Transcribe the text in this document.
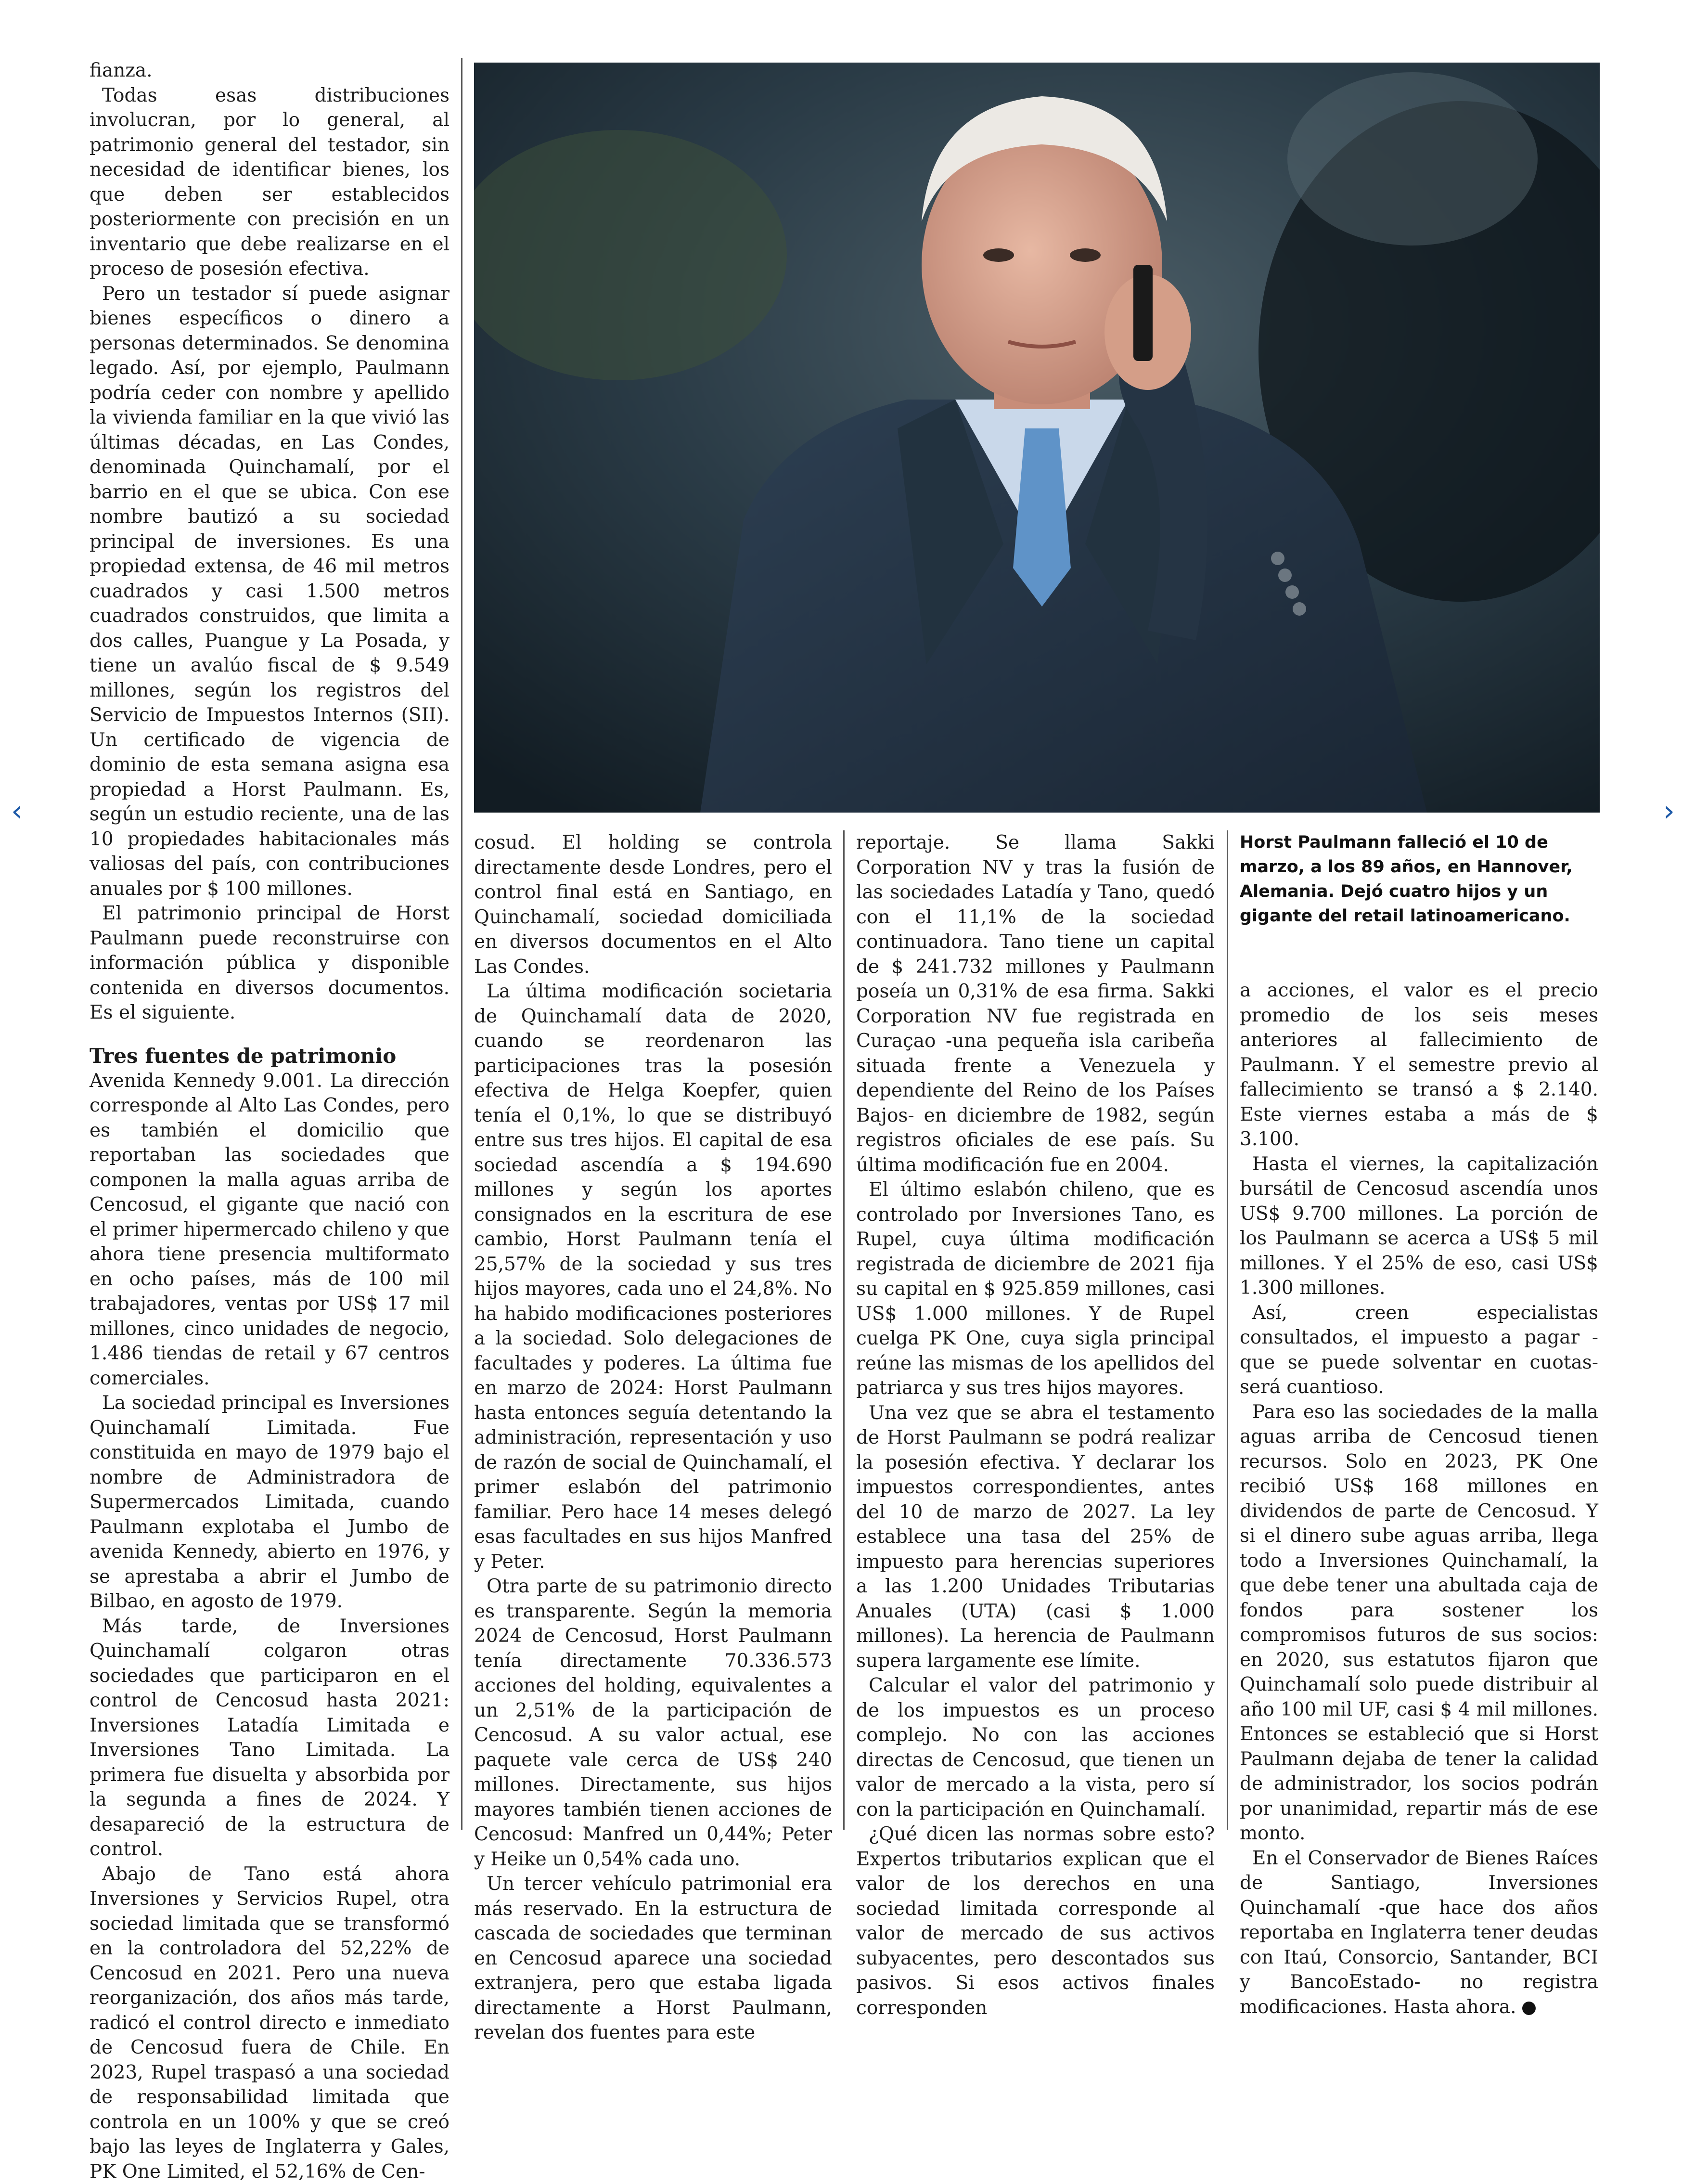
‹	›
Horst Paulmann falleció el 10 de marzo, a los 89 años, en Hannover, Alemania. Dejó cuatro hijos y un gigante del retail latinoamericano.

fianza.

Todas esas distribuciones involucran, por lo general, al patrimonio general del testador, sin necesidad de identificar bienes, los que deben ser establecidos posteriormente con precisión en un inventario que debe realizarse en el proceso de posesión efectiva.

Pero un testador sí puede asignar bienes específicos o dinero a personas determinados. Se denomina legado. Así, por ejemplo, Paulmann podría ceder con nombre y apellido la vivienda familiar en la que vivió las últimas décadas, en Las Condes, denominada Quinchamalí, por el barrio en el que se ubica. Con ese nombre bautizó a su sociedad principal de inversiones. Es una propiedad extensa, de 46 mil metros cuadrados y casi 1.500 metros cuadrados construidos, que limita a dos calles, Puangue y La Posada, y tiene un avalúo fiscal de $ 9.549 millones, según los registros del Servicio de Impuestos Internos (SII). Un certificado de vigencia de dominio de esta semana asigna esa propiedad a Horst Paulmann. Es, según un estudio reciente, una de las 10 propiedades habitacionales más valiosas del país, con contribuciones anuales por $ 100 millones.

El patrimonio principal de Horst Paulmann puede reconstruirse con información pública y disponible contenida en diversos documentos. Es el siguiente.

Tres fuentes de patrimonio

Avenida Kennedy 9.001. La dirección corresponde al Alto Las Condes, pero es también el domicilio que reportaban las sociedades que componen la malla aguas arriba de Cencosud, el gigante que nació con el primer hipermercado chileno y que ahora tiene presencia multiformato en ocho países, más de 100 mil trabajadores, ventas por US$ 17 mil millones, cinco unidades de negocio, 1.486 tiendas de retail y 67 centros comerciales.

La sociedad principal es Inversiones Quinchamalí Limitada. Fue constituida en mayo de 1979 bajo el nombre de Administradora de Supermercados Limitada, cuando Paulmann explotaba el Jumbo de avenida Kennedy, abierto en 1976, y se aprestaba a abrir el Jumbo de Bilbao, en agosto de 1979.

Más tarde, de Inversiones Quinchamalí colgaron otras sociedades que participaron en el control de Cencosud hasta 2021: Inversiones Latadía Limitada e Inversiones Tano Limitada. La primera fue disuelta y absorbida por la segunda a fines de 2024. Y desapareció de la estructura de control.

Abajo de Tano está ahora Inversiones y Servicios Rupel, otra sociedad limitada que se transformó en la controladora del 52,22% de Cencosud en 2021. Pero una nueva reorganización, dos años más tarde, radicó el control directo e inmediato de Cencosud fuera de Chile. En 2023, Rupel traspasó a una sociedad de responsabilidad limitada que controla en un 100% y que se creó bajo las leyes de Inglaterra y Gales, PK One Limited, el 52,16% de Cen-

cosud. El holding se controla directamente desde Londres, pero el control final está en Santiago, en Quinchamalí, sociedad domiciliada en diversos documentos en el Alto Las Condes.

La última modificación societaria de Quinchamalí data de 2020, cuando se reordenaron las participaciones tras la posesión efectiva de Helga Koepfer, quien tenía el 0,1%, lo que se distribuyó entre sus tres hijos. El capital de esa sociedad ascendía a $ 194.690 millones y según los aportes consignados en la escritura de ese cambio, Horst Paulmann tenía el 25,57% de la sociedad y sus tres hijos mayores, cada uno el 24,8%. No ha habido modificaciones posteriores a la sociedad. Solo delegaciones de facultades y poderes. La última fue en marzo de 2024: Horst Paulmann hasta entonces seguía detentando la administración, representación y uso de razón de social de Quinchamalí, el primer eslabón del patrimonio familiar. Pero hace 14 meses delegó esas facultades en sus hijos Manfred y Peter.

Otra parte de su patrimonio directo es transparente. Según la memoria 2024 de Cencosud, Horst Paulmann tenía directamente 70.336.573 acciones del holding, equivalentes a un 2,51% de la participación de Cencosud. A su valor actual, ese paquete vale cerca de US$ 240 millones. Directamente, sus hijos mayores también tienen acciones de Cencosud: Manfred un 0,44%; Peter y Heike un 0,54% cada uno.

Un tercer vehículo patrimonial era más reservado. En la estructura de cascada de sociedades que terminan en Cencosud aparece una sociedad extranjera, pero que estaba ligada directamente a Horst Paulmann, revelan dos fuentes para este

reportaje. Se llama Sakki Corporation NV y tras la fusión de las sociedades Latadía y Tano, quedó con el 11,1% de la sociedad continuadora. Tano tiene un capital de $ 241.732 millones y Paulmann poseía un 0,31% de esa firma. Sakki Corporation NV fue registrada en Curaçao -una pequeña isla caribeña situada frente a Venezuela y dependiente del Reino de los Países Bajos- en diciembre de 1982, según registros oficiales de ese país. Su última modificación fue en 2004.

El último eslabón chileno, que es controlado por Inversiones Tano, es Rupel, cuya última modificación registrada de diciembre de 2021 fija su capital en $ 925.859 millones, casi US$ 1.000 millones. Y de Rupel cuelga PK One, cuya sigla principal reúne las mismas de los apellidos del patriarca y sus tres hijos mayores.

Una vez que se abra el testamento de Horst Paulmann se podrá realizar la posesión efectiva. Y declarar los impuestos correspondientes, antes del 10 de marzo de 2027. La ley establece una tasa del 25% de impuesto para herencias superiores a las 1.200 Unidades Tributarias Anuales (UTA) (casi $ 1.000 millones). La herencia de Paulmann supera largamente ese límite.

Calcular el valor del patrimonio y de los impuestos es un proceso complejo. No con las acciones directas de Cencosud, que tienen un valor de mercado a la vista, pero sí con la participación en Quinchamalí.

¿Qué dicen las normas sobre esto? Expertos tributarios explican que el valor de los derechos en una sociedad limitada corresponde al valor de mercado de sus activos subyacentes, pero descontados sus pasivos. Si esos activos finales corresponden

a acciones, el valor es el precio promedio de los seis meses anteriores al fallecimiento de Paulmann. Y el semestre previo al fallecimiento se transó a $ 2.140. Este viernes estaba a más de $ 3.100.

Hasta el viernes, la capitalización bursátil de Cencosud ascendía unos US$ 9.700 millones. La porción de los Paulmann se acerca a US$ 5 mil millones. Y el 25% de eso, casi US$ 1.300 millones.

Así, creen especialistas consultados, el impuesto a pagar -que se puede solventar en cuotas- será cuantioso.

Para eso las sociedades de la malla aguas arriba de Cencosud tienen recursos. Solo en 2023, PK One recibió US$ 168 millones en dividendos de parte de Cencosud. Y si el dinero sube aguas arriba, llega todo a Inversiones Quinchamalí, la que debe tener una abultada caja de fondos para sostener los compromisos futuros de sus socios: en 2020, sus estatutos fijaron que Quinchamalí solo puede distribuir al año 100 mil UF, casi $ 4 mil millones. Entonces se estableció que si Horst Paulmann dejaba de tener la calidad de administrador, los socios podrán por unanimidad, repartir más de ese monto.

En el Conservador de Bienes Raíces de Santiago, Inversiones Quinchamalí -que hace dos años reportaba en Inglaterra tener deudas con Itaú, Consorcio, Santander, BCI y BancoEstado- no registra modificaciones. Hasta ahora. P
